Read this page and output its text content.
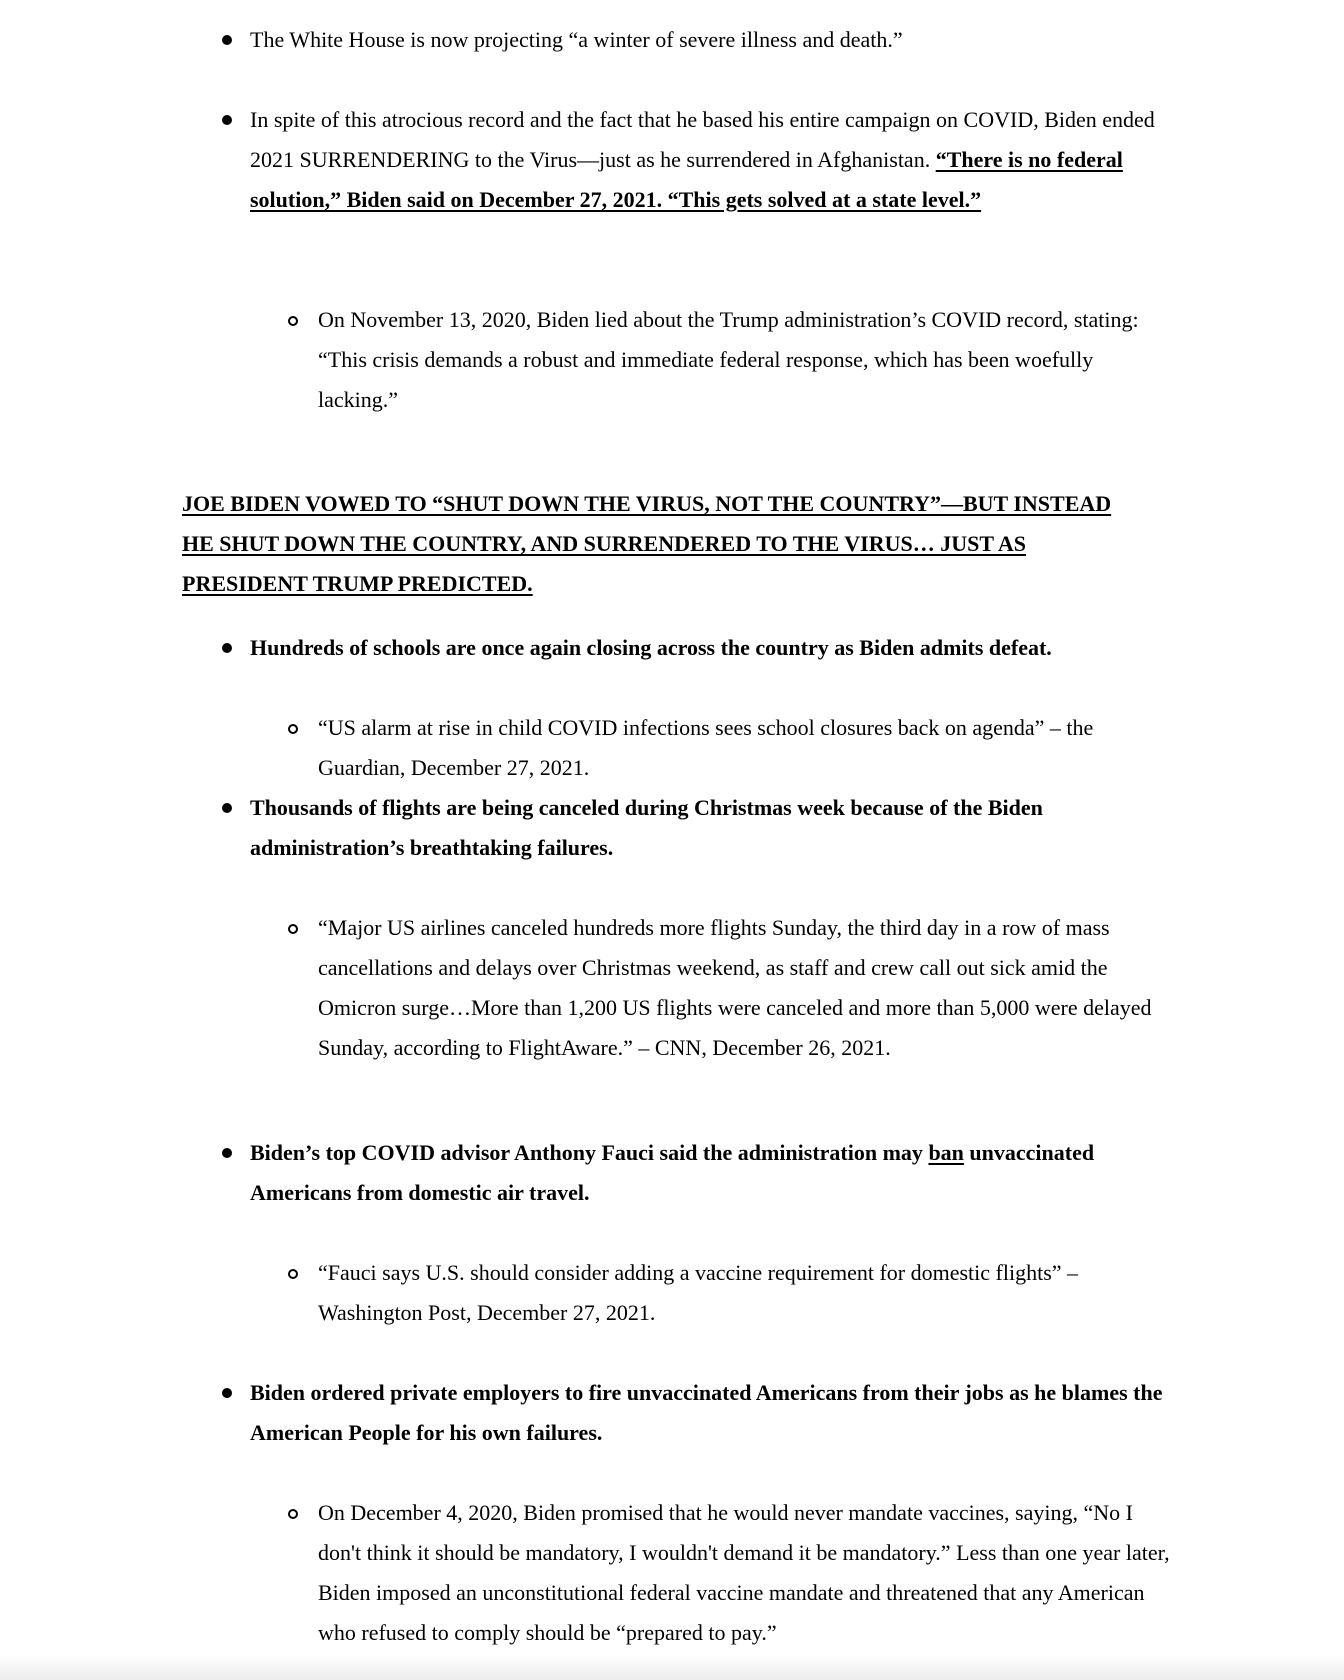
The White House is now projecting “a winter of severe illness and death.”
In spite of this atrocious record and the fact that he based his entire campaign on COVID, Biden ended 2021 SURRENDERING to the Virus—just as he surrendered in Afghanistan. “There is no federal solution,” Biden said on December 27, 2021. “This gets solved at a state level.”
On November 13, 2020, Biden lied about the Trump administration’s COVID record, stating: “This crisis demands a robust and immediate federal response, which has been woefully lacking.”
JOE BIDEN VOWED TO “SHUT DOWN THE VIRUS, NOT THE COUNTRY”—BUT INSTEAD HE SHUT DOWN THE COUNTRY, AND SURRENDERED TO THE VIRUS… JUST AS PRESIDENT TRUMP PREDICTED.
Hundreds of schools are once again closing across the country as Biden admits defeat.
“US alarm at rise in child COVID infections sees school closures back on agenda” – the Guardian, December 27, 2021.
Thousands of flights are being canceled during Christmas week because of the Biden administration’s breathtaking failures.
“Major US airlines canceled hundreds more flights Sunday, the third day in a row of mass cancellations and delays over Christmas weekend, as staff and crew call out sick amid the Omicron surge…More than 1,200 US flights were canceled and more than 5,000 were delayed Sunday, according to FlightAware.” – CNN, December 26, 2021.
Biden’s top COVID advisor Anthony Fauci said the administration may ban unvaccinated Americans from domestic air travel.
“Fauci says U.S. should consider adding a vaccine requirement for domestic flights” – Washington Post, December 27, 2021.
Biden ordered private employers to fire unvaccinated Americans from their jobs as he blames the American People for his own failures.
On December 4, 2020, Biden promised that he would never mandate vaccines, saying, “No I don't think it should be mandatory, I wouldn't demand it be mandatory.” Less than one year later, Biden imposed an unconstitutional federal vaccine mandate and threatened that any American who refused to comply should be “prepared to pay.”
